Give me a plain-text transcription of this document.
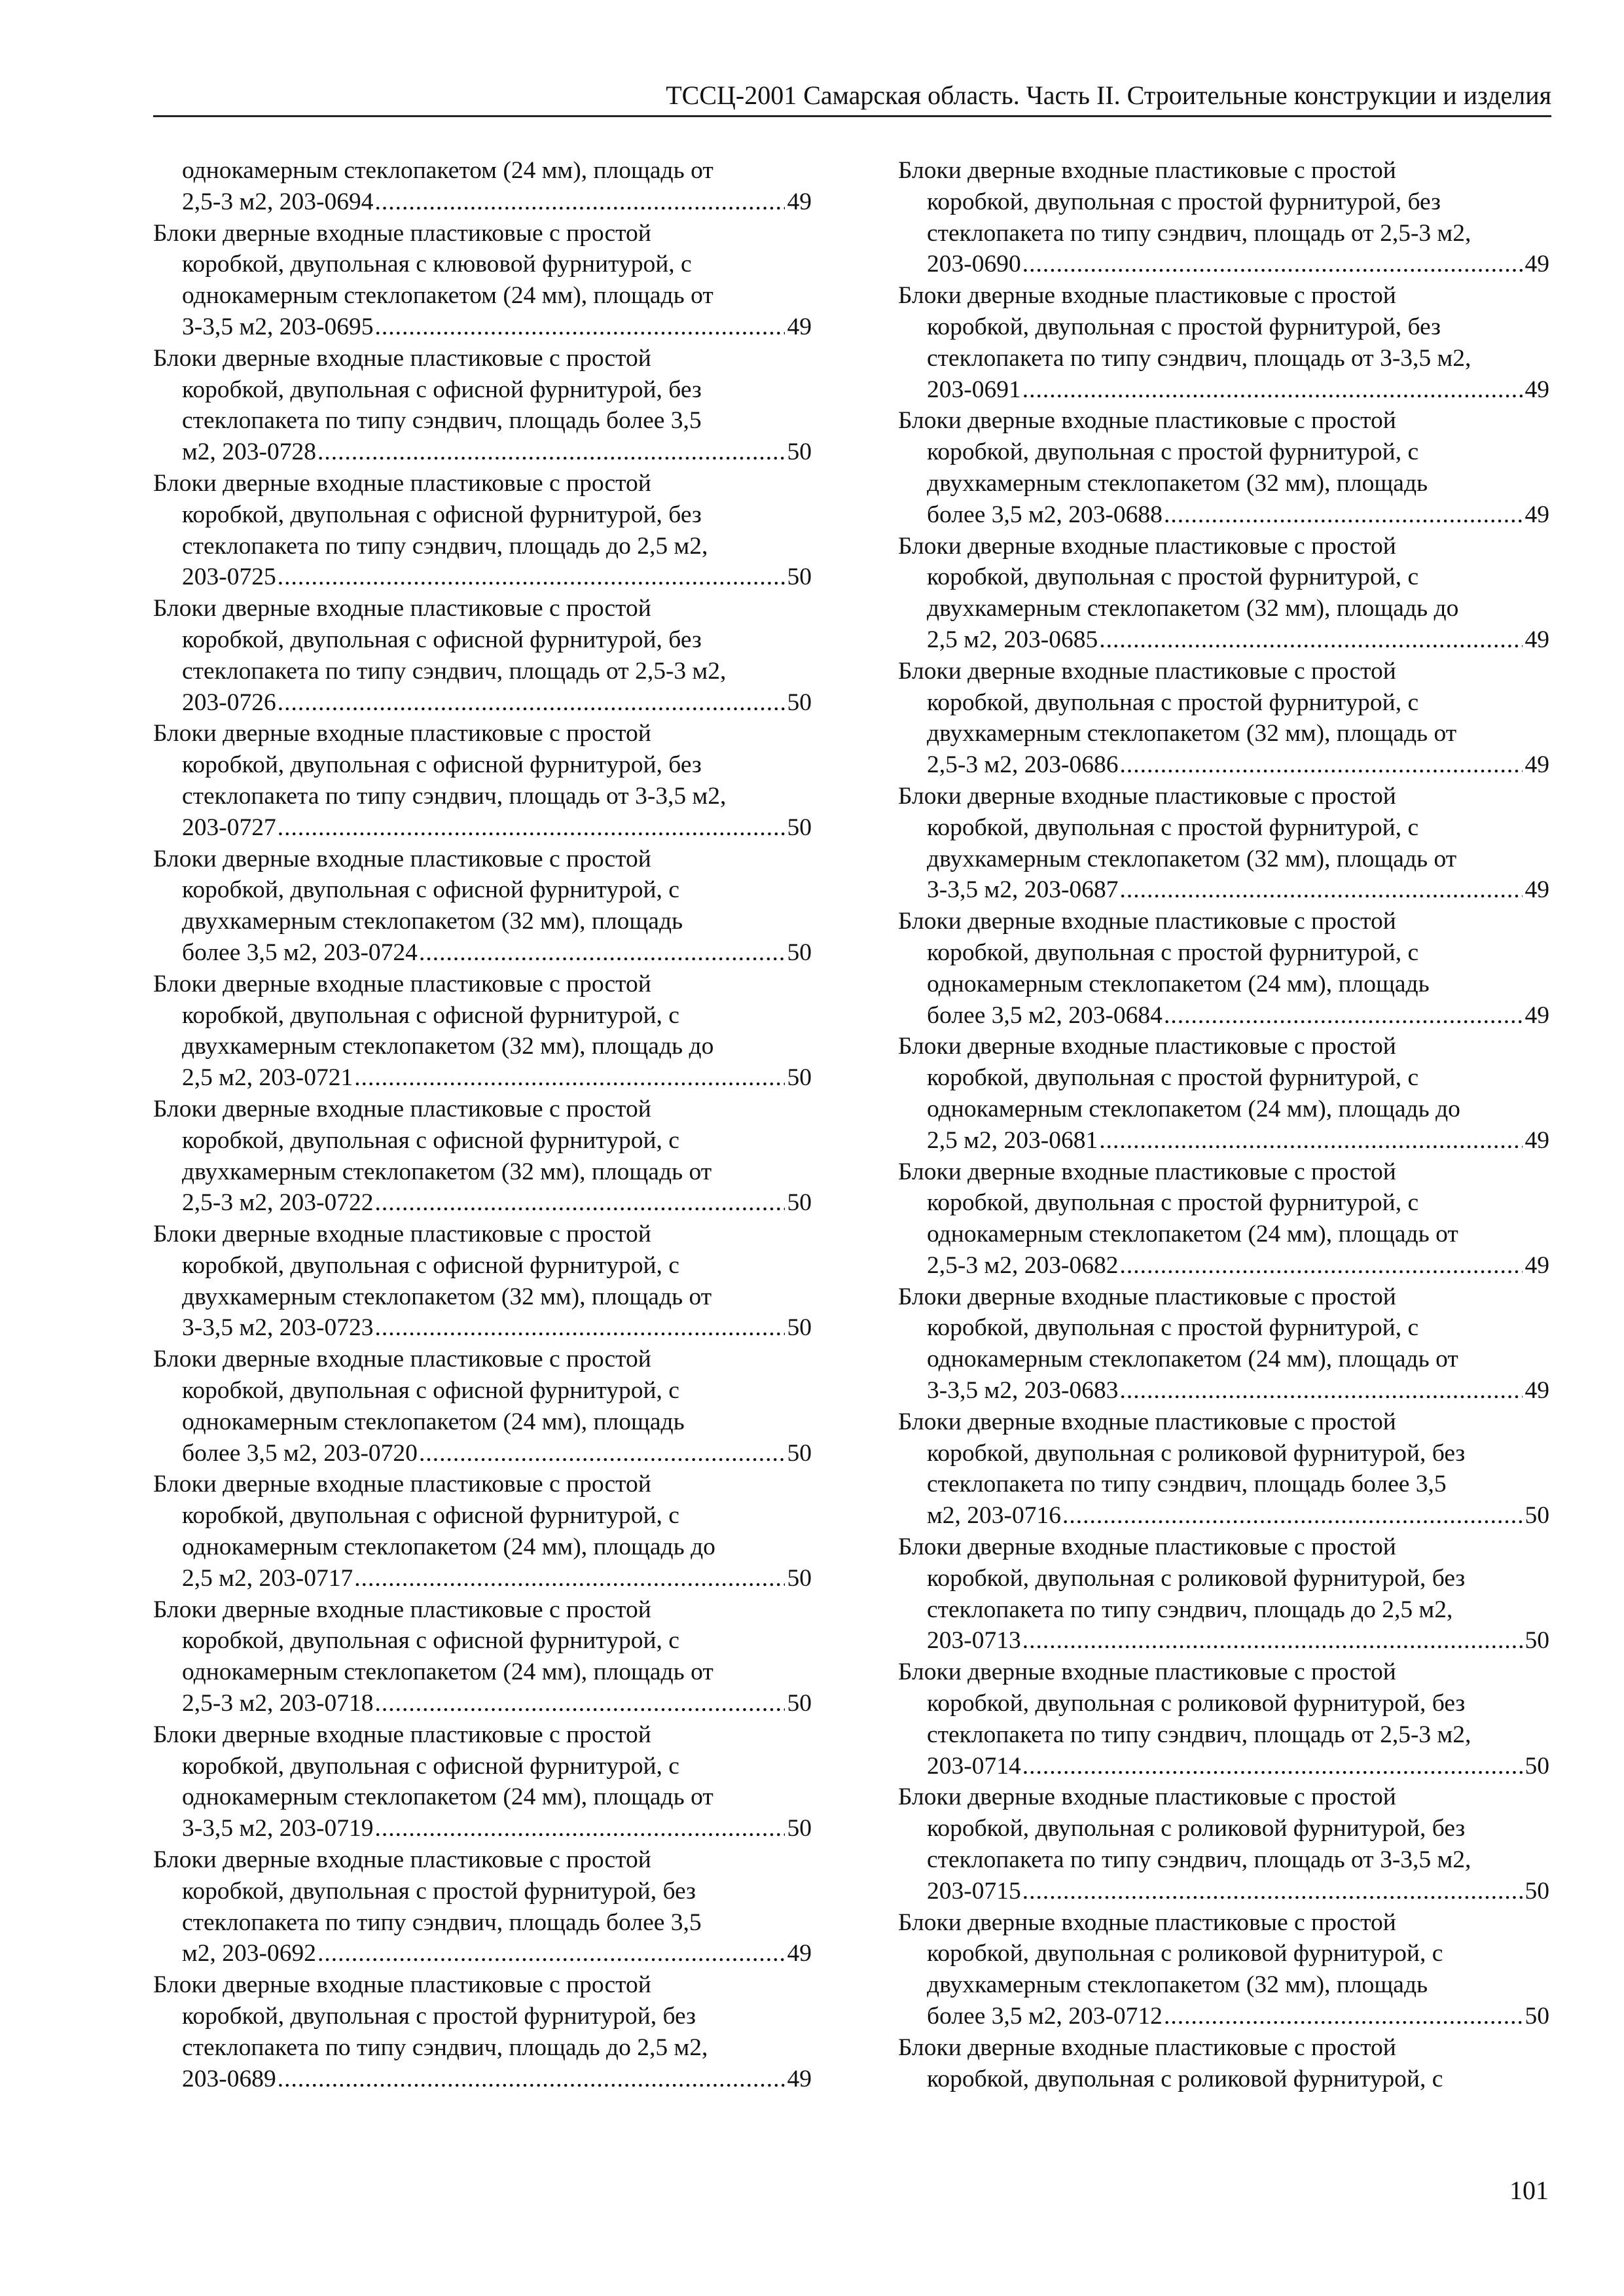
ТССЦ-2001 Самарская область. Часть II. Строительные конструкции и изделия
однокамерным стеклопакетом (24 мм), площадь от
2,5-3 м2, 203-0694 .....	49
Блоки дверные входные пластиковые с простой
коробкой, двупольная с клювовой фурнитурой, с
однокамерным стеклопакетом (24 мм), площадь от
3-3,5 м2, 203-0695 .....	49
Блоки дверные входные пластиковые с простой
коробкой, двупольная с офисной фурнитурой, без
стеклопакета по типу сэндвич, площадь более 3,5
м2, 203-0728 .....	50
Блоки дверные входные пластиковые с простой
коробкой, двупольная с офисной фурнитурой, без
стеклопакета по типу сэндвич, площадь до 2,5 м2,
203-0725 .....	50
Блоки дверные входные пластиковые с простой
коробкой, двупольная с офисной фурнитурой, без
стеклопакета по типу сэндвич, площадь от 2,5-3 м2,
203-0726 .....	50
Блоки дверные входные пластиковые с простой
коробкой, двупольная с офисной фурнитурой, без
стеклопакета по типу сэндвич, площадь от 3-3,5 м2,
203-0727 .....	50
Блоки дверные входные пластиковые с простой
коробкой, двупольная с офисной фурнитурой, с
двухкамерным стеклопакетом (32 мм), площадь
более 3,5 м2, 203-0724 .....	50
Блоки дверные входные пластиковые с простой
коробкой, двупольная с офисной фурнитурой, с
двухкамерным стеклопакетом (32 мм), площадь до
2,5 м2, 203-0721 .....	50
Блоки дверные входные пластиковые с простой
коробкой, двупольная с офисной фурнитурой, с
двухкамерным стеклопакетом (32 мм), площадь от
2,5-3 м2, 203-0722 .....	50
Блоки дверные входные пластиковые с простой
коробкой, двупольная с офисной фурнитурой, с
двухкамерным стеклопакетом (32 мм), площадь от
3-3,5 м2, 203-0723 .....	50
Блоки дверные входные пластиковые с простой
коробкой, двупольная с офисной фурнитурой, с
однокамерным стеклопакетом (24 мм), площадь
более 3,5 м2, 203-0720 .....	50
Блоки дверные входные пластиковые с простой
коробкой, двупольная с офисной фурнитурой, с
однокамерным стеклопакетом (24 мм), площадь до
2,5 м2, 203-0717 .....	50
Блоки дверные входные пластиковые с простой
коробкой, двупольная с офисной фурнитурой, с
однокамерным стеклопакетом (24 мм), площадь от
2,5-3 м2, 203-0718 .....	50
Блоки дверные входные пластиковые с простой
коробкой, двупольная с офисной фурнитурой, с
однокамерным стеклопакетом (24 мм), площадь от
3-3,5 м2, 203-0719 .....	50
Блоки дверные входные пластиковые с простой
коробкой, двупольная с простой фурнитурой, без
стеклопакета по типу сэндвич, площадь более 3,5
м2, 203-0692 .....	49
Блоки дверные входные пластиковые с простой
коробкой, двупольная с простой фурнитурой, без
стеклопакета по типу сэндвич, площадь до 2,5 м2,
203-0689 .....	49
Блоки дверные входные пластиковые с простой
коробкой, двупольная с простой фурнитурой, без
стеклопакета по типу сэндвич, площадь от 2,5-3 м2,
203-0690 .....	49
Блоки дверные входные пластиковые с простой
коробкой, двупольная с простой фурнитурой, без
стеклопакета по типу сэндвич, площадь от 3-3,5 м2,
203-0691 .....	49
Блоки дверные входные пластиковые с простой
коробкой, двупольная с простой фурнитурой, с
двухкамерным стеклопакетом (32 мм), площадь
более 3,5 м2, 203-0688 .....	49
Блоки дверные входные пластиковые с простой
коробкой, двупольная с простой фурнитурой, с
двухкамерным стеклопакетом (32 мм), площадь до
2,5 м2, 203-0685 .....	49
Блоки дверные входные пластиковые с простой
коробкой, двупольная с простой фурнитурой, с
двухкамерным стеклопакетом (32 мм), площадь от
2,5-3 м2, 203-0686 .....	49
Блоки дверные входные пластиковые с простой
коробкой, двупольная с простой фурнитурой, с
двухкамерным стеклопакетом (32 мм), площадь от
3-3,5 м2, 203-0687 .....	49
Блоки дверные входные пластиковые с простой
коробкой, двупольная с простой фурнитурой, с
однокамерным стеклопакетом (24 мм), площадь
более 3,5 м2, 203-0684 .....	49
Блоки дверные входные пластиковые с простой
коробкой, двупольная с простой фурнитурой, с
однокамерным стеклопакетом (24 мм), площадь до
2,5 м2, 203-0681 .....	49
Блоки дверные входные пластиковые с простой
коробкой, двупольная с простой фурнитурой, с
однокамерным стеклопакетом (24 мм), площадь от
2,5-3 м2, 203-0682 .....	49
Блоки дверные входные пластиковые с простой
коробкой, двупольная с простой фурнитурой, с
однокамерным стеклопакетом (24 мм), площадь от
3-3,5 м2, 203-0683 .....	49
Блоки дверные входные пластиковые с простой
коробкой, двупольная с роликовой фурнитурой, без
стеклопакета по типу сэндвич, площадь более 3,5
м2, 203-0716 .....	50
Блоки дверные входные пластиковые с простой
коробкой, двупольная с роликовой фурнитурой, без
стеклопакета по типу сэндвич, площадь до 2,5 м2,
203-0713 .....	50
Блоки дверные входные пластиковые с простой
коробкой, двупольная с роликовой фурнитурой, без
стеклопакета по типу сэндвич, площадь от 2,5-3 м2,
203-0714 .....	50
Блоки дверные входные пластиковые с простой
коробкой, двупольная с роликовой фурнитурой, без
стеклопакета по типу сэндвич, площадь от 3-3,5 м2,
203-0715 .....	50
Блоки дверные входные пластиковые с простой
коробкой, двупольная с роликовой фурнитурой, с
двухкамерным стеклопакетом (32 мм), площадь
более 3,5 м2, 203-0712 .....	50
Блоки дверные входные пластиковые с простой
коробкой, двупольная с роликовой фурнитурой, с
101
